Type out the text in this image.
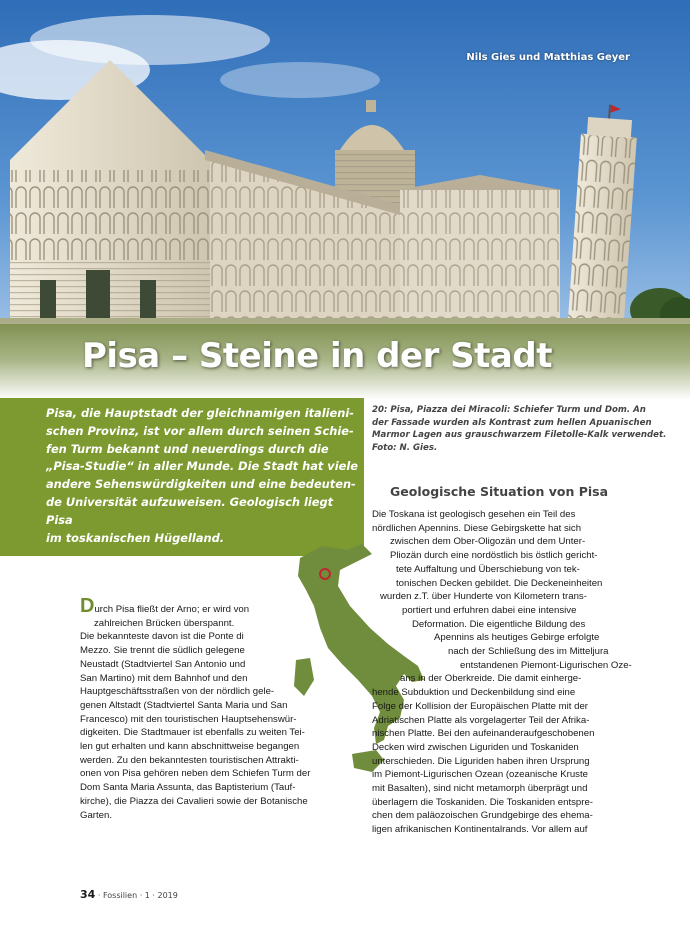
Nils Gies und Matthias Geyer
Pisa – Steine in der Stadt
Pisa, die Hauptstadt der gleichnamigen italieni-
schen Provinz, ist vor allem durch seinen Schie-
fen Turm bekannt und neuerdings durch die
„Pisa-Studie“ in aller Munde. Die Stadt hat viele
andere Sehenswürdigkeiten und eine bedeuten-
de Universität aufzuweisen. Geologisch liegt Pisa
im toskanischen Hügelland.
20: Pisa, Piazza dei Miracoli: Schiefer Turm und Dom. An
der Fassade wurden als Kontrast zum hellen Apuanischen
Marmor Lagen aus grauschwarzem Filetolle-Kalk verwendet.
Foto: N. Gies.
Geologische Situation von Pisa
Durch Pisa fließt der Arno; er wird von
zahlreichen Brücken überspannt.
Die bekannteste davon ist die Ponte di
Mezzo. Sie trennt die südlich gelegene
Neustadt (Stadtviertel San Antonio und
San Martino) mit dem Bahnhof und den
Hauptgeschäftsstraßen von der nördlich gele-
genen Altstadt (Stadtviertel Santa Maria und San
Francesco) mit den touristischen Hauptsehenswür-
digkeiten. Die Stadtmauer ist ebenfalls zu weiten Tei-
len gut erhalten und kann abschnittweise begangen
werden. Zu den bekanntesten touristischen Attrakti-
onen von Pisa gehören neben dem Schiefen Turm der
Dom Santa Maria Assunta, das Baptisterium (Tauf-
kirche), die Piazza dei Cavalieri sowie der Botanische
Garten.
Die Toskana ist geologisch gesehen ein Teil des
nördlichen Apennins. Diese Gebirgskette hat sich
zwischen dem Ober-Oligozän und dem Unter-
Pliozän durch eine nordöstlich bis östlich gericht-
tete Auffaltung und Überschiebung von tek-
tonischen Decken gebildet. Die Deckeneinheiten
wurden z.T. über Hunderte von Kilometern trans-
portiert und erfuhren dabei eine intensive
Deformation. Die eigentliche Bildung des
Apennins als heutiges Gebirge erfolgte
nach der Schließung des im Mitteljura
entstandenen Piemont-Ligurischen Oze-
ans in der Oberkreide. Die damit einherge-
hende Subduktion und Deckenbildung sind eine
Folge der Kollision der Europäischen Platte mit der
Adriatischen Platte als vorgelagerter Teil der Afrika-
nischen Platte. Bei den aufeinanderaufgeschobenen
Decken wird zwischen Liguriden und Toskaniden
unterschieden. Die Liguriden haben ihren Ursprung
im Piemont-Ligurischen Ozean (ozeanische Kruste
mit Basalten), sind nicht metamorph überprägt und
überlagern die Toskaniden. Die Toskaniden entspre-
chen dem paläozoischen Grundgebirge des ehema-
ligen afrikanischen Kontinentalrands. Vor allem auf
34 · Fossilien · 1 · 2019
